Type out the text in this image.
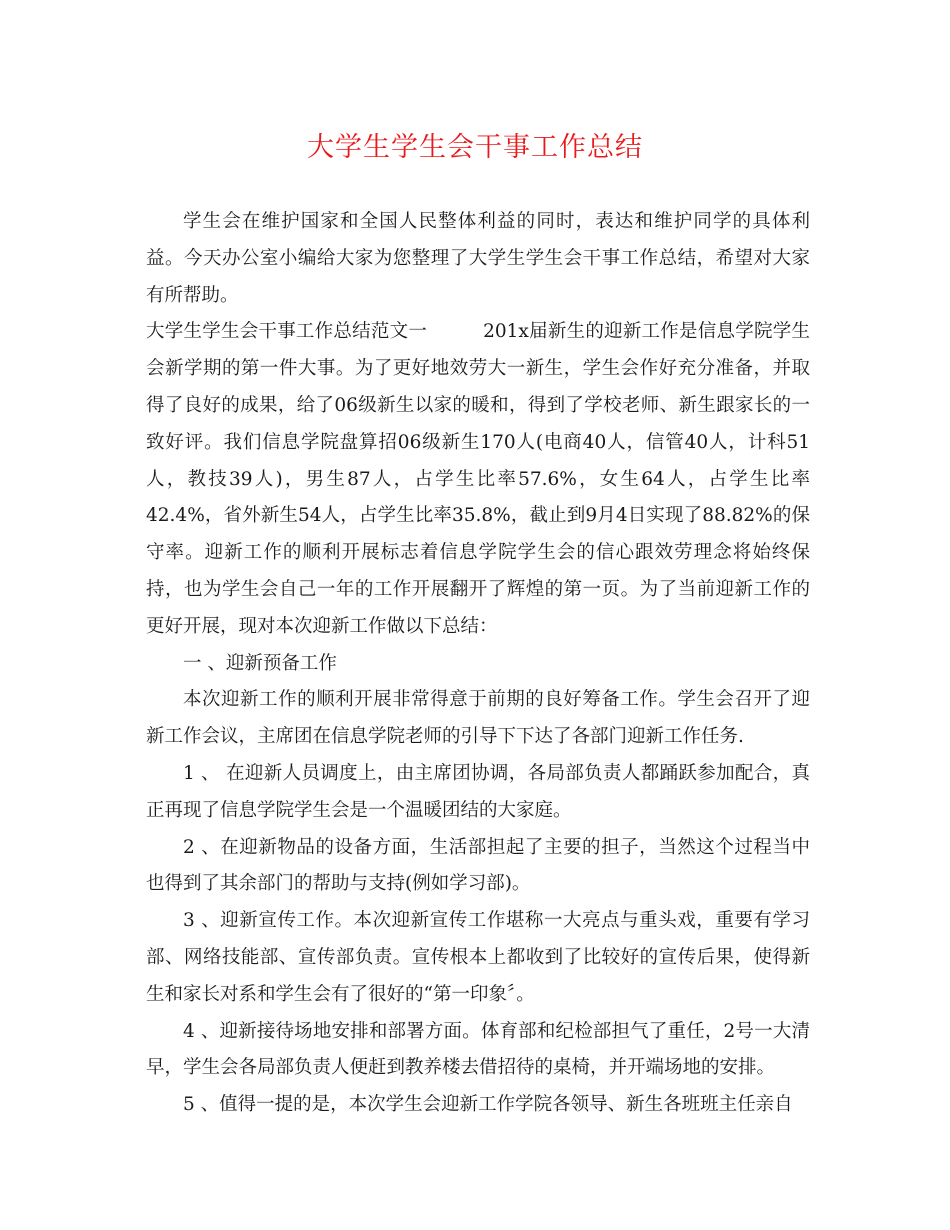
大学生学生会干事工作总结

学生会在维护国家和全国人民整体利益的同时，表达和维护同学的具体利益。今天办公室小编给大家为您整理了大学生学生会干事工作总结，希望对大家有所帮助。

大学生学生会干事工作总结范文一	201x届新生的迎新工作是信息学院学生会新学期的第一件大事。为了更好地效劳大一新生，学生会作好充分准备，并取得了良好的成果，给了06级新生以家的暖和，得到了学校老师、新生跟家长的一致好评。我们信息学院盘算招06级新生170人(电商40人，信管40人，计科51人，教技39人)，男生87人，占学生比率57.6%，女生64人，占学生比率42.4%，省外新生54人，占学生比率35.8%，截止到9月4日实现了88.82%的保守率。迎新工作的顺利开展标志着信息学院学生会的信心跟效劳理念将始终保持，也为学生会自己一年的工作开展翻开了辉煌的第一页。为了当前迎新工作的更好开展，现对本次迎新工作做以下总结：

一 、迎新预备工作

本次迎新工作的顺利开展非常得意于前期的良好筹备工作。学生会召开了迎新工作会议，主席团在信息学院老师的引导下下达了各部门迎新工作任务.

1 、 在迎新人员调度上，由主席团协调，各局部负责人都踊跃参加配合，真正再现了信息学院学生会是一个温暖团结的大家庭。

2 、在迎新物品的设备方面，生活部担起了主要的担子，当然这个过程当中也得到了其余部门的帮助与支持(例如学习部)。

3 、迎新宣传工作。本次迎新宣传工作堪称一大亮点与重头戏，重要有学习部、网络技能部、宣传部负责。宣传根本上都收到了比较好的宣传后果，使得新生和家长对系和学生会有了很好的“第一印象〞。

4 、迎新接待场地安排和部署方面。体育部和纪检部担气了重任，2号一大清早，学生会各局部负责人便赶到教养楼去借招待的桌椅，并开端场地的安排。

5 、值得一提的是，本次学生会迎新工作学院各领导、新生各班班主任亲自
